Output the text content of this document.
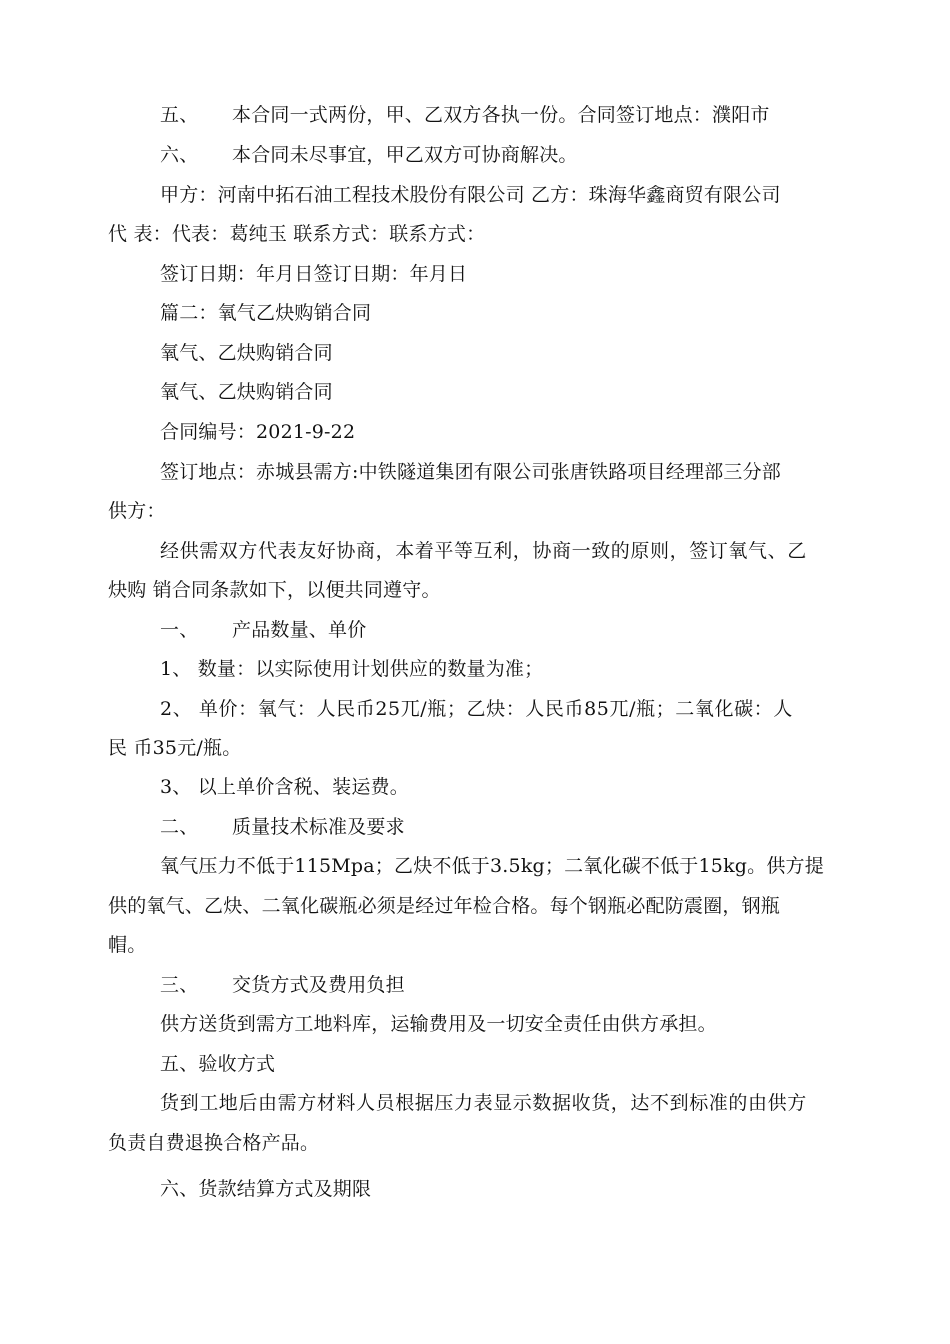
五、 本合同一式两份，甲、乙双方各执一份。合同签订地点：濮阳市
六、 本合同未尽事宜，甲乙双方可协商解决。
甲方：河南中拓石油工程技术股份有限公司 乙方：珠海华鑫商贸有限公司
代 表：代表：葛纯玉 联系方式：联系方式：
签订日期：年月日签订日期：年月日
篇二：氧气乙炔购销合同
氧气、乙炔购销合同
氧气、乙炔购销合同
合同编号：2021-9-22
签订地点：赤城县需方:中铁隧道集团有限公司张唐铁路项目经理部三分部
供方：
经供需双方代表友好协商，本着平等互利，协商一致的原则，签订氧气、乙
炔购 销合同条款如下，以便共同遵守。
一、 产品数量、单价
1、 数量：以实际使用计划供应的数量为准；
2、 单价：氧气：人民币25兀/瓶；乙炔：人民币85兀/瓶；二氧化碳：人
民 币35元/瓶。
3、 以上单价含税、装运费。
二、 质量技术标准及要求
氧气压力不低于115Mpa；乙炔不低于3.5kg；二氧化碳不低于15kg。供方提
供的氧气、乙炔、二氧化碳瓶必须是经过年检合格。每个钢瓶必配防震圈，钢瓶
帽。
三、 交货方式及费用负担
供方送货到需方工地料库，运输费用及一切安全责任由供方承担。
五、验收方式
货到工地后由需方材料人员根据压力表显示数据收货，达不到标准的由供方
负责自费退换合格产品。
六、货款结算方式及期限
